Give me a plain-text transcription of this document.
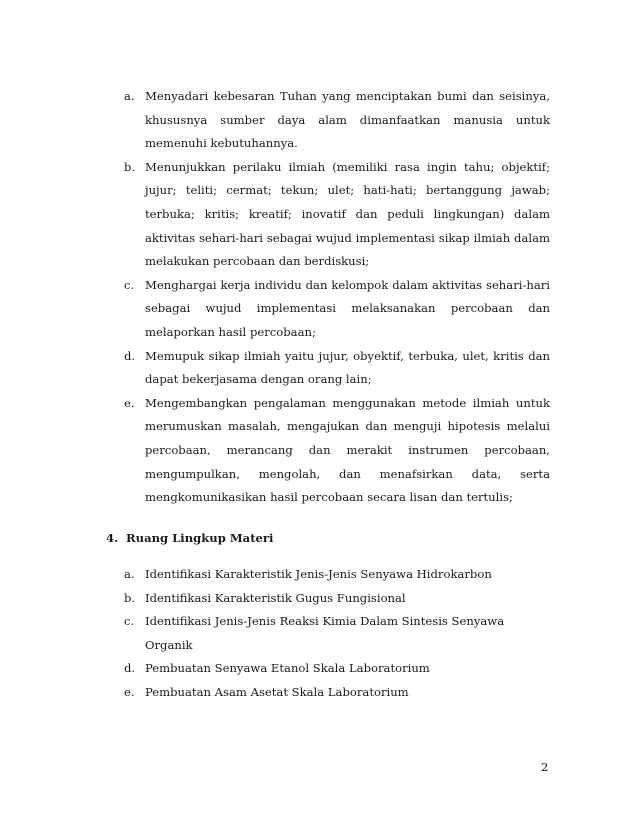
a. Menyadari kebesaran Tuhan yang menciptakan bumi dan seisinya, khususnya sumber daya alam dimanfaatkan manusia untuk memenuhi kebutuhannya.
b. Menunjukkan perilaku ilmiah (memiliki rasa ingin tahu; objektif; jujur; teliti; cermat; tekun; ulet; hati-hati; bertanggung jawab; terbuka; kritis; kreatif; inovatif dan peduli lingkungan) dalam aktivitas sehari-hari sebagai wujud implementasi sikap ilmiah dalam melakukan percobaan dan berdiskusi;
c. Menghargai kerja individu dan kelompok dalam aktivitas sehari-hari sebagai wujud implementasi melaksanakan percobaan dan melaporkan hasil percobaan;
d. Memupuk sikap ilmiah yaitu jujur, obyektif, terbuka, ulet, kritis dan dapat bekerjasama dengan orang lain;
e. Mengembangkan pengalaman menggunakan metode ilmiah untuk merumuskan masalah, mengajukan dan menguji hipotesis melalui percobaan, merancang dan merakit instrumen percobaan, mengumpulkan, mengolah, dan menafsirkan data, serta mengkomunikasikan hasil percobaan secara lisan dan tertulis;
4. Ruang Lingkup Materi
a. Identifikasi Karakteristik Jenis-Jenis Senyawa Hidrokarbon
b. Identifikasi Karakteristik Gugus Fungisional
c. Identifikasi Jenis-Jenis Reaksi Kimia Dalam Sintesis Senyawa Organik
d. Pembuatan Senyawa Etanol Skala Laboratorium
e. Pembuatan Asam Asetat Skala Laboratorium
2
